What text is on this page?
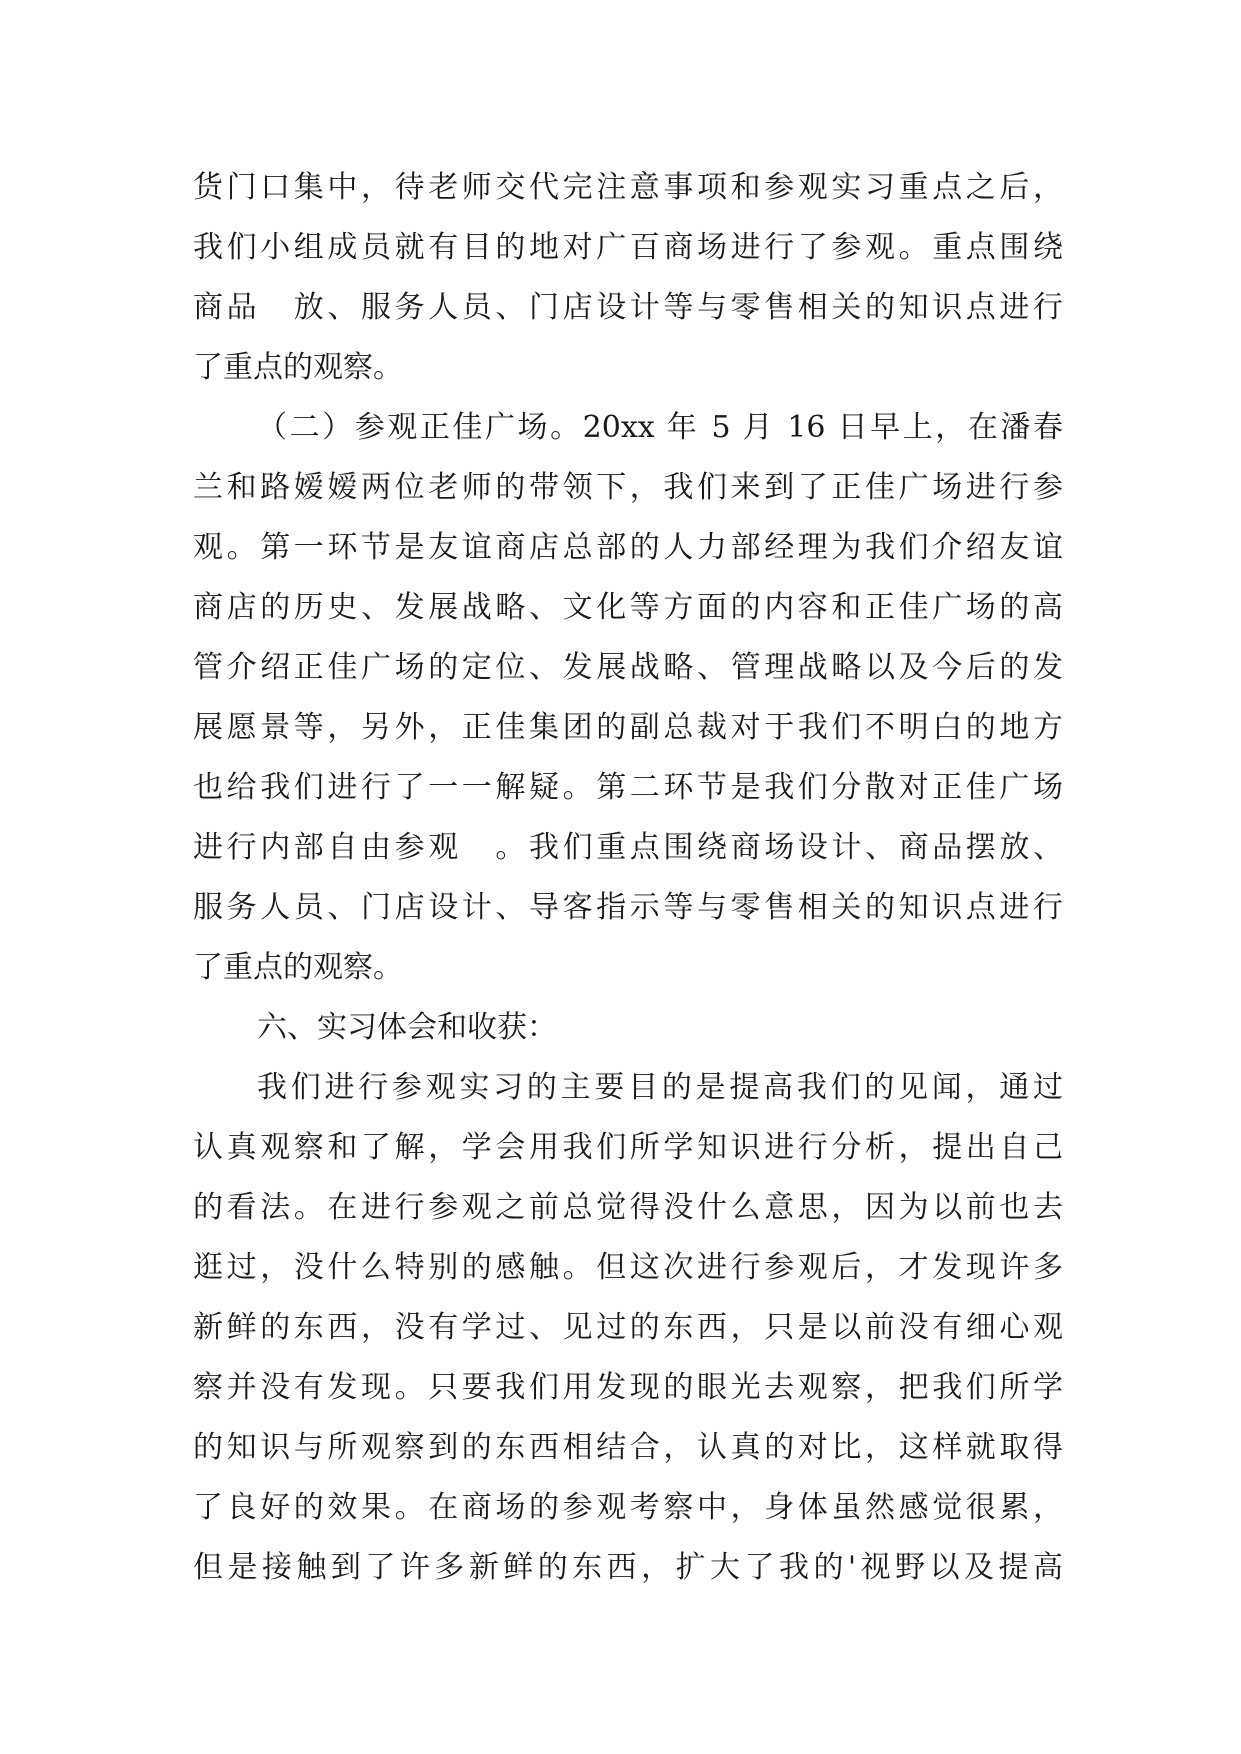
货门口集中，待老师交代完注意事项和参观实习重点之后，
我们小组成员就有目的地对广百商场进行了参观。重点围绕
商品　放、服务人员、门店设计等与零售相关的知识点进行
了重点的观察。
（二）参观正佳广场。20xx 年 5 月 16 日早上，在潘春
兰和路嫒嫒两位老师的带领下，我们来到了正佳广场进行参
观。第一环节是友谊商店总部的人力部经理为我们介绍友谊
商店的历史、发展战略、文化等方面的内容和正佳广场的高
管介绍正佳广场的定位、发展战略、管理战略以及今后的发
展愿景等，另外，正佳集团的副总裁对于我们不明白的地方
也给我们进行了一一解疑。第二环节是我们分散对正佳广场
进行内部自由参观　。我们重点围绕商场设计、商品摆放、
服务人员、门店设计、导客指示等与零售相关的知识点进行
了重点的观察。
六、实习体会和收获：
我们进行参观实习的主要目的是提高我们的见闻，通过
认真观察和了解，学会用我们所学知识进行分析，提出自己
的看法。在进行参观之前总觉得没什么意思，因为以前也去
逛过，没什么特别的感触。但这次进行参观后，才发现许多
新鲜的东西，没有学过、见过的东西，只是以前没有细心观
察并没有发现。只要我们用发现的眼光去观察，把我们所学
的知识与所观察到的东西相结合，认真的对比，这样就取得
了良好的效果。在商场的参观考察中，身体虽然感觉很累，
但是接触到了许多新鲜的东西，扩大了我的'视野以及提高
